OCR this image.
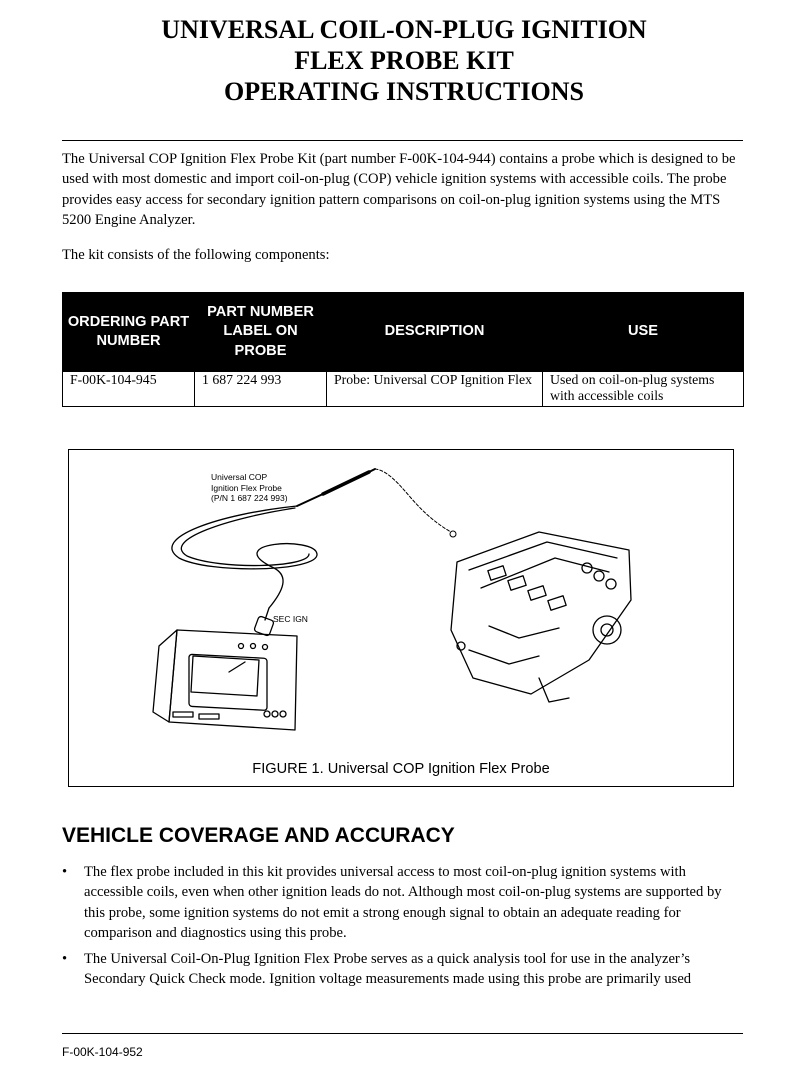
UNIVERSAL COIL-ON-PLUG IGNITION
FLEX PROBE KIT
OPERATING INSTRUCTIONS
The Universal COP Ignition Flex Probe Kit (part number F-00K-104-944) contains a probe which is designed to be used with most domestic and import coil-on-plug (COP) vehicle ignition systems with accessible coils. The probe provides easy access for secondary ignition pattern comparisons on coil-on-plug ignition systems using the MTS 5200 Engine Analyzer.
The kit consists of the following components:
ORDERING PART NUMBER	PART NUMBER LABEL ON PROBE	DESCRIPTION	USE
F-00K-104-945	1 687 224 993	Probe: Universal COP Ignition Flex	Used on coil-on-plug systems with accessible coils
Universal COP
Ignition Flex Probe
(P/N 1 687 224 993)
SEC IGN
FIGURE 1. Universal COP Ignition Flex Probe
VEHICLE COVERAGE AND ACCURACY
• The flex probe included in this kit provides universal access to most coil-on-plug ignition systems with accessible coils, even when other ignition leads do not. Although most coil-on-plug systems are supported by this probe, some ignition systems do not emit a strong enough signal to obtain an adequate reading for comparison and diagnostics using this probe.
• The Universal Coil-On-Plug Ignition Flex Probe serves as a quick analysis tool for use in the analyzer’s Secondary Quick Check mode. Ignition voltage measurements made using this probe are primarily used
F-00K-104-952
